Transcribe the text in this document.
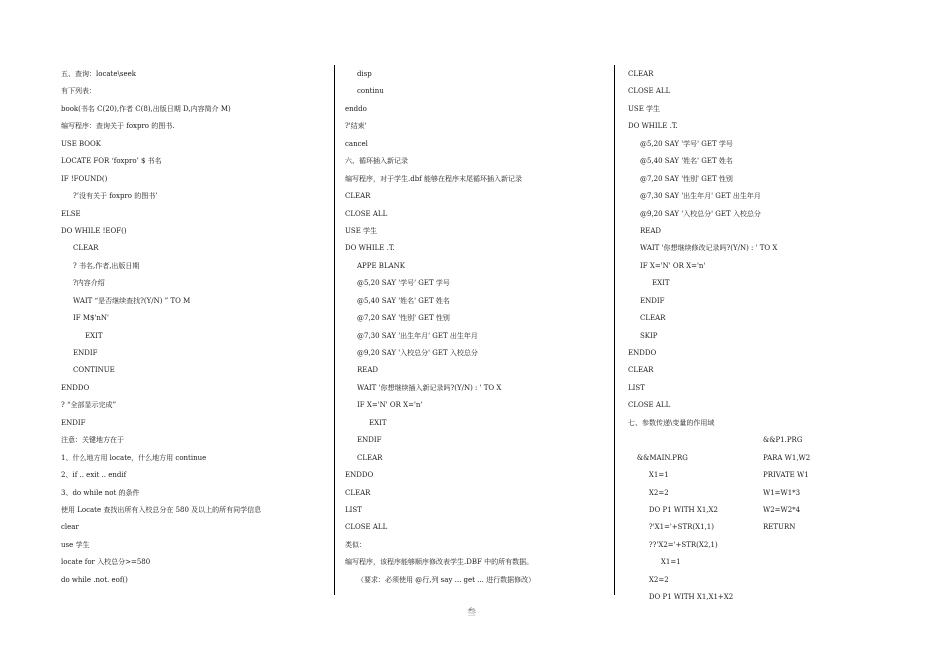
五、查询：locate\seek
有下列表：
book(书名 C(20),作者 C(8),出版日期 D,内容简介 M)
编写程序：查询关于 foxpro 的图书.
USE BOOK
LOCATE FOR ‘foxpro’ $ 书名
IF !FOUND()
?’没有关于 foxpro 的图书’
ELSE
DO WHILE !EOF()
CLEAR
? 书名,作者,出版日期
?内容介绍
WAIT “是否继续查找?(Y/N) ” TO M
IF M$'nN'
EXIT
ENDIF
CONTINUE
ENDDO
? “全部显示完成”
ENDIF
注意：关键地方在于
1、什么地方用 locate，什么地方用 continue
2、if .. exit .. endif
3、do while not 的条件
使用 Locate 查找出所有入校总分在 580 及以上的所有同学信息
clear
use 学生
locate for 入校总分>=580
do while .not. eof()
disp
continu
enddo
?'结束'
cancel
六、循环插入新记录
编写程序，对于学生.dbf 能够在程序末尾循环插入新记录
CLEAR
CLOSE ALL
USE 学生
DO WHILE .T.
APPE BLANK
@5,20 SAY '学号' GET 学号
@5,40 SAY '姓名' GET 姓名
@7,20 SAY '性别' GET 性别
@7,30 SAY '出生年月' GET 出生年月
@9,20 SAY '入校总分' GET 入校总分
READ
WAIT '你想继续插入新记录吗?(Y/N) : ' TO X
IF X='N' OR X='n'
EXIT
ENDIF
CLEAR
ENDDO
CLEAR
LIST
CLOSE ALL
类似：
编写程序，该程序能够顺序修改表学生.DBF 中的所有数据。
（要求：必须使用 @行,列 say ... get ... 进行数据修改）
CLEAR
CLOSE ALL
USE 学生
DO WHILE .T.
@5,20 SAY '学号' GET 学号
@5,40 SAY '姓名' GET 姓名
@7,20 SAY '性别' GET 性别
@7,30 SAY '出生年月' GET 出生年月
@9,20 SAY '入校总分' GET 入校总分
READ
WAIT '你想继续修改记录吗?(Y/N) : ' TO X
IF X='N' OR X='n'
EXIT
ENDIF
CLEAR
SKIP
ENDDO
CLEAR
LIST
CLOSE ALL
七、参数传递\变量的作用域

&&MAIN.PRG

&&P1.PRG

X1=1

PARA W1,W2

X2=2

PRIVATE W1

DO P1 WITH X1,X2

W1=W1*3

?'X1='+STR(X1,1)

W2=W2*4

??'X2='+STR(X2,1)

RETURN

X1=1

X2=2

DO P1 WITH X1,X1+X2

叁
